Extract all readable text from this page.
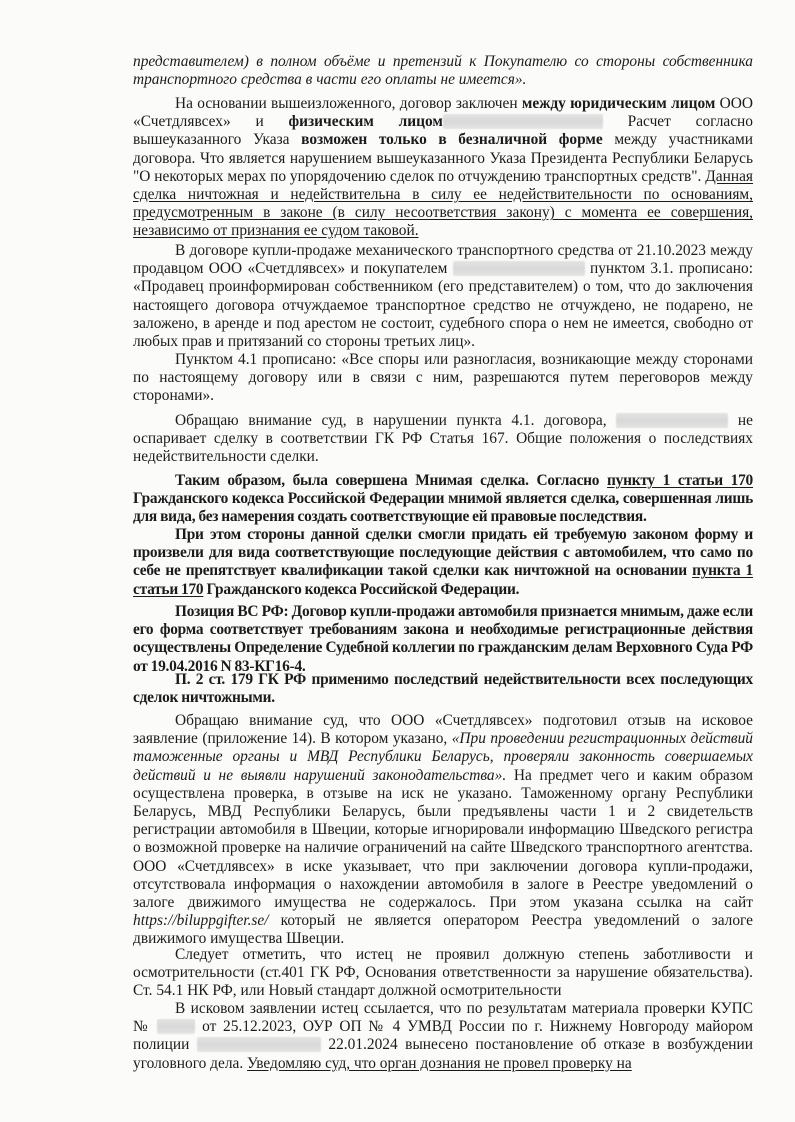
представителем) в полном объёме и претензий к Покупателю со стороны собственника транспортного средства в части его оплаты не имеется».

На основании вышеизложенного, договор заключен между юридическим лицом ООО «Счетдлявсех» и физическим лицом	Расчет согласно вышеуказанного Указа возможен только в безналичной форме между участниками договора. Что является нарушением вышеуказанного Указа Президента Республики Беларусь "О некоторых мерах по упорядочению сделок по отчуждению транспортных средств". Данная сделка ничтожная и недействительна в силу ее недействительности по основаниям, предусмотренным в законе (в силу несоответствия закону) с момента ее совершения, независимо от признания ее судом таковой.

В договоре купли-продаже механического транспортного средства от 21.10.2023 между продавцом ООО «Счетдлявсех» и покупателем	пунктом 3.1. прописано: «Продавец проинформирован собственником (его представителем) о том, что до заключения настоящего договора отчуждаемое транспортное средство не отчуждено, не подарено, не заложено, в аренде и под арестом не состоит, судебного спора о нем не имеется, свободно от любых прав и притязаний со стороны третьих лиц».

Пунктом 4.1 прописано: «Все споры или разногласия, возникающие между сторонами по настоящему договору или в связи с ним, разрешаются путем переговоров между сторонами».

Обращаю внимание суд, в нарушении пункта 4.1. договора,	не оспаривает сделку в соответствии ГК РФ Статья 167. Общие положения о последствиях недействительности сделки.

Таким образом, была совершена Мнимая сделка. Согласно пункту 1 статьи 170 Гражданского кодекса Российской Федерации мнимой является сделка, совершенная лишь для вида, без намерения создать соответствующие ей правовые последствия.

При этом стороны данной сделки смогли придать ей требуемую законом форму и произвели для вида соответствующие последующие действия с автомобилем, что само по себе не препятствует квалификации такой сделки как ничтожной на основании пункта 1 статьи 170 Гражданского кодекса Российской Федерации.

Позиция ВС РФ: Договор купли-продажи автомобиля признается мнимым, даже если его форма соответствует требованиям закона и необходимые регистрационные действия осуществлены Определение Судебной коллегии по гражданским делам Верховного Суда РФ от 19.04.2016 N 83-КГ16-4.

П. 2 ст. 179 ГК РФ применимо последствий недействительности всех последующих сделок ничтожными.

Обращаю внимание суд, что ООО «Счетдлявсех» подготовил отзыв на исковое заявление (приложение 14). В котором указано, «При проведении регистрационных действий таможенные органы и МВД Республики Беларусь, проверяли законность совершаемых действий и не выявли нарушений законодательства». На предмет чего и каким образом осуществлена проверка, в отзыве на иск не указано. Таможенному органу Республики Беларусь, МВД Республики Беларусь, были предъявлены части 1 и 2 свидетельств регистрации автомобиля в Швеции, которые игнорировали информацию Шведского регистра о возможной проверке на наличие ограничений на сайте Шведского транспортного агентства. ООО «Счетдлявсех» в иске указывает, что при заключении договора купли-продажи, отсутствовала информация о нахождении автомобиля в залоге в Реестре уведомлений о залоге движимого имущества не содержалось. При этом указана ссылка на сайт https://biluppgifter.se/ который не является оператором Реестра уведомлений о залоге движимого имущества Швеции.

Следует отметить, что истец не проявил должную степень заботливости и осмотрительности (ст.401 ГК РФ, Основания ответственности за нарушение обязательства). Ст. 54.1 НК РФ, или Новый стандарт должной осмотрительности

В исковом заявлении истец ссылается, что по результатам материала проверки КУПС №	от 25.12.2023, ОУР ОП № 4 УМВД России по г. Нижнему Новгороду майором полиции	22.01.2024 вынесено постановление об отказе в возбуждении уголовного дела. Уведомляю суд, что орган дознания не провел проверку на
